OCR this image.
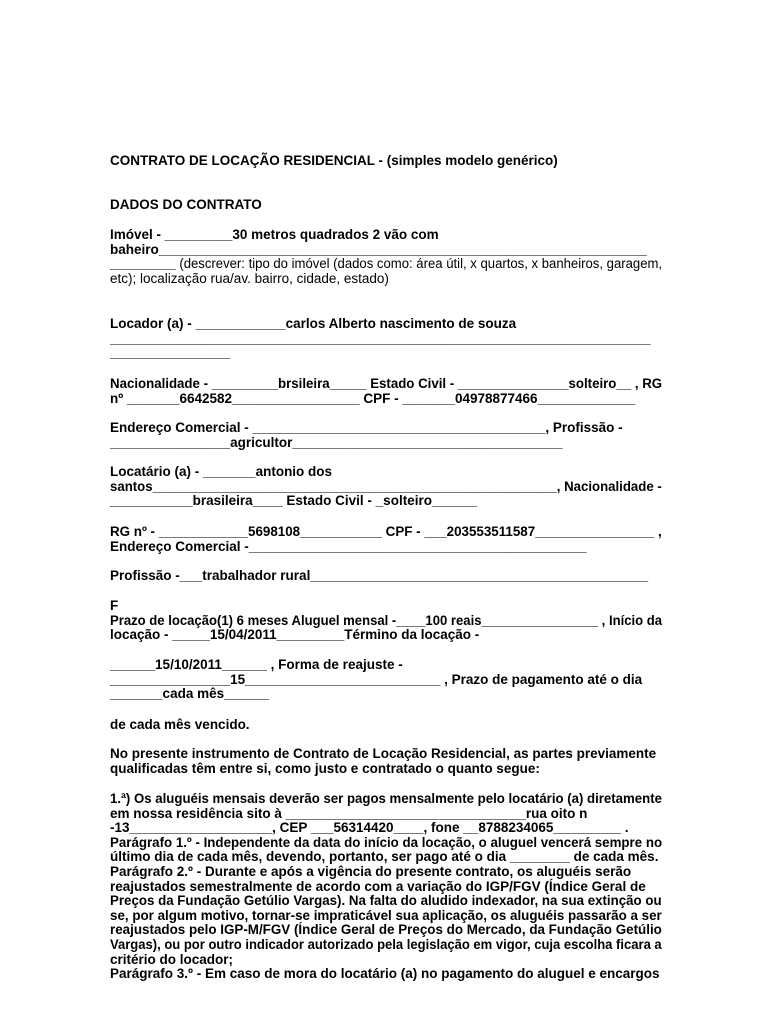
CONTRATO DE LOCAÇÃO RESIDENCIAL - (simples modelo genérico)

DADOS DO CONTRATO

Imóvel - _________30 metros quadrados 2 vão com

baheiro_________________________________________________________________

_________ (descrever: tipo do imóvel (dados como: área útil, x quartos, x banheiros, garagem,

etc); localização rua/av. bairro, cidade, estado)

Locador (a) - ____________carlos Alberto nascimento de souza

________________________________________________________________________

________________

Nacionalidade - _________brsileira_____ Estado Civil - _______________solteiro__ , RG

nº _______6642582_________________ CPF - _______04978877466_____________

Endereço Comercial - _______________________________________, Profissão -

________________agricultor____________________________________

Locatário (a) - _______antonio dos

santos_______________________________________________________, Nacionalidade -

___________brasileira____ Estado Civil - _solteiro______

RG nº - ____________5698108___________ CPF - ___203553511587________________ ,

Endereço Comercial -_____________________________________________

Profissão -___trabalhador rural_____________________________________________

F

Prazo de locação(1) 6 meses Aluguel mensal -____100 reais________________ , Início da

locação - _____15/04/2011_________Término da locação -

______15/10/2011______ , Forma de reajuste -

________________15__________________________ , Prazo de pagamento até o dia

_______cada mês______

de cada mês vencido.

No presente instrumento de Contrato de Locação Residencial, as partes previamente

qualificadas têm entre si, como justo e contratado o quanto segue:

1.ª) Os aluguéis mensais deverão ser pagos mensalmente pelo locatário (a) diretamente

em nossa residência sito à ________________________________rua oito n

-13___________________, CEP ___56314420____, fone __8788234065_________ .

Parágrafo 1.º - Independente da data do início da locação, o aluguel vencerá sempre no

último dia de cada mês, devendo, portanto, ser pago até o dia ________ de cada mês.

Parágrafo 2.º - Durante e após a vigência do presente contrato, os aluguéis serão

reajustados semestralmente de acordo com a variação do IGP/FGV (Índice Geral de

Preços da Fundação Getúlio Vargas). Na falta do aludido indexador, na sua extinção ou

se, por algum motivo, tornar-se impraticável sua aplicação, os aluguéis passarão a ser

reajustados pelo IGP-M/FGV (Índice Geral de Preços do Mercado, da Fundação Getúlio

Vargas), ou por outro indicador autorizado pela legislação em vigor, cuja escolha ficara a

critério do locador;

Parágrafo 3.º - Em caso de mora do locatário (a) no pagamento do aluguel e encargos
